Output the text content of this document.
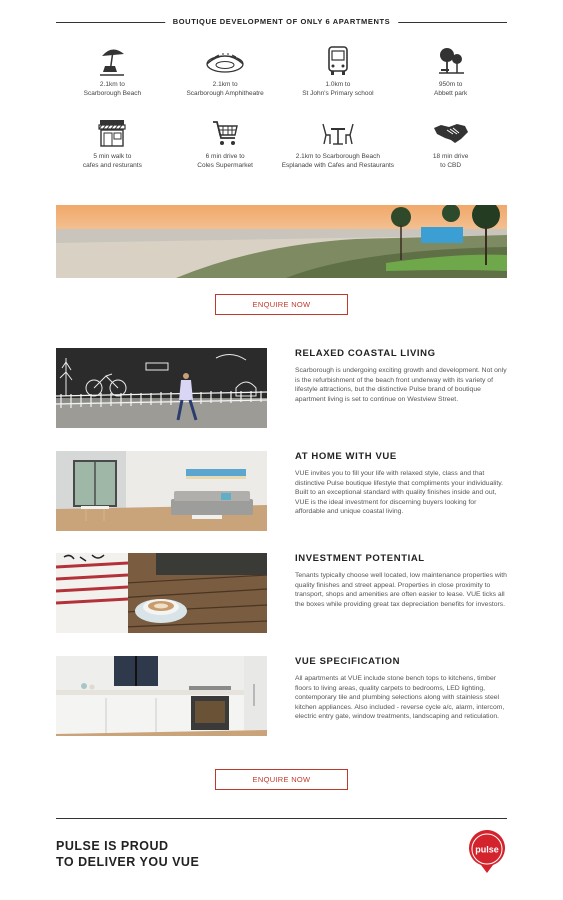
BOUTIQUE DEVELOPMENT OF ONLY 6 APARTMENTS
2.1km to
Scarborough Beach
2.1km to
Scarborough Amphitheatre
1.0km to
St John's Primary school
950m to
Abbett park
5 min walk to
cafes and resturants
6 min drive to
Coles Supermarket
2.1km to Scarborough Beach
Esplanade with Cafes and Restaurants
18 min drive
to CBD
ENQUIRE NOW
RELAXED COASTAL LIVING

Scarborough is undergoing exciting growth and development. Not only is the refurbishment of the beach front underway with its variety of lifestyle attractions, but the distinctive Pulse brand of boutique apartment living is set to continue on Westview Street.

AT HOME WITH VUE

VUE invites you to fill your life with relaxed style, class and that distinctive Pulse boutique lifestyle that compliments your individuality. Built to an exceptional standard with quality finishes inside and out, VUE is the ideal investment for discerning buyers looking for affordable and unique coastal living.

INVESTMENT POTENTIAL

Tenants typically choose well located, low maintenance properties with quality finishes and street appeal. Properties in close proximity to transport, shops and amenities are often easier to lease. VUE ticks all the boxes while providing great tax depreciation benefits for investors.

VUE SPECIFICATION

All apartments at VUE include stone bench tops to kitchens, timber floors to living areas, quality carpets to bedrooms, LED lighting, contemporary tile and plumbing selections along with stainless steel kitchen appliances. Also included - reverse cycle a/c, alarm, intercom, electric entry gate, window treatments, landscaping and reticulation.

ENQUIRE NOW
PULSE IS PROUD
TO DELIVER YOU VUE
pulse
